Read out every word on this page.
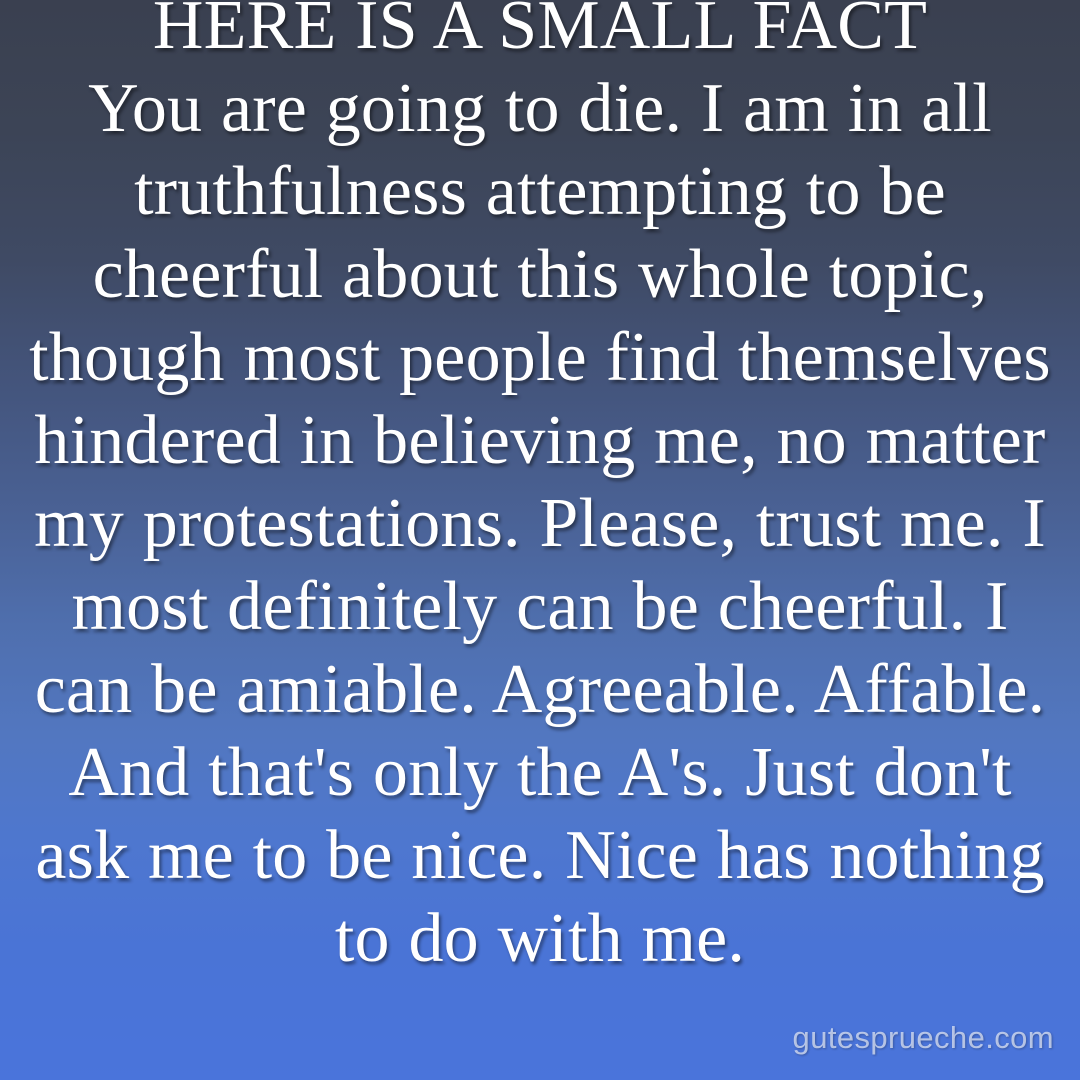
HERE IS A SMALL FACT
You are going to die. I am in all truthfulness attempting to be cheerful about this whole topic, though most people find themselves hindered in believing me, no matter my protestations. Please, trust me. I most definitely can be cheerful. I can be amiable. Agreeable. Affable. And that's only the A's. Just don't ask me to be nice. Nice has nothing to do with me.
gutesprueche.com
